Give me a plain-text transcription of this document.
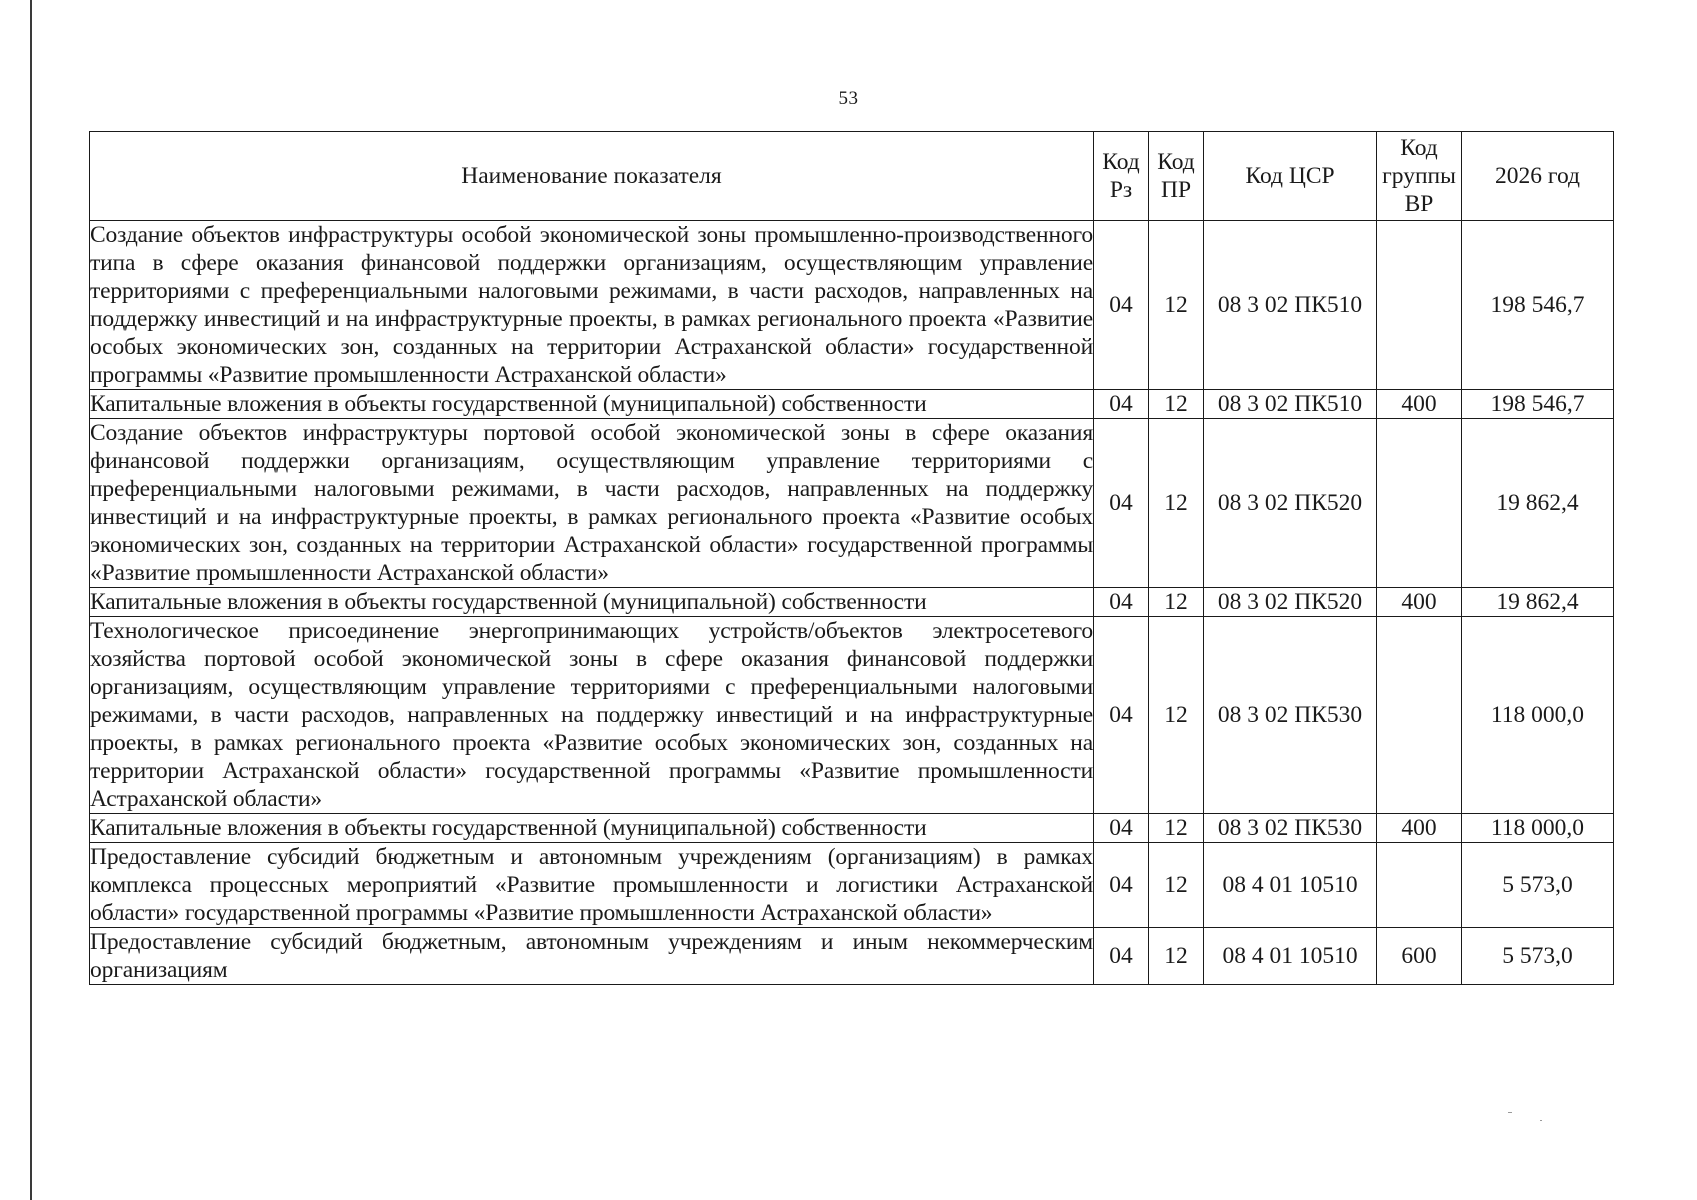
53
Наименование показателя	Код Рз	Код ПР	Код ЦСР	Код группы ВР	2026 год
Создание объектов инфраструктуры особой экономической зоны промышленно-производственного типа в сфере оказания финансовой поддержки организациям, осуществляющим управление территориями с преференциальными налоговыми режимами, в части расходов, направленных на поддержку инвестиций и на инфраструктурные проекты, в рамках регионального проекта «Развитие особых экономических зон, созданных на территории Астраханской области» государственной программы «Развитие промышленности Астраханской области»	04	12	08 3 02 ПК510		198 546,7
Капитальные вложения в объекты государственной (муниципальной) собственности	04	12	08 3 02 ПК510	400	198 546,7
Создание объектов инфраструктуры портовой особой экономической зоны в сфере оказания финансовой поддержки организациям, осуществляющим управление территориями с преференциальными налоговыми режимами, в части расходов, направленных на поддержку инвестиций и на инфраструктурные проекты, в рамках регионального проекта «Развитие особых экономических зон, созданных на территории Астраханской области» государственной программы «Развитие промышленности Астраханской области»	04	12	08 3 02 ПК520		19 862,4
Капитальные вложения в объекты государственной (муниципальной) собственности	04	12	08 3 02 ПК520	400	19 862,4
Технологическое присоединение энергопринимающих устройств/объектов электросетевого хозяйства портовой особой экономической зоны в сфере оказания финансовой поддержки организациям, осуществляющим управление территориями с преференциальными налоговыми режимами, в части расходов, направленных на поддержку инвестиций и на инфраструктурные проекты, в рамках регионального проекта «Развитие особых экономических зон, созданных на территории Астраханской области» государственной программы «Развитие промышленности Астраханской области»	04	12	08 3 02 ПК530		118 000,0
Капитальные вложения в объекты государственной (муниципальной) собственности	04	12	08 3 02 ПК530	400	118 000,0
Предоставление субсидий бюджетным и автономным учреждениям (организациям) в рамках комплекса процессных мероприятий «Развитие промышленности и логистики Астраханской области» государственной программы «Развитие промышленности Астраханской области»	04	12	08 4 01 10510		5 573,0
Предоставление субсидий бюджетным, автономным учреждениям и иным некоммерческим организациям	04	12	08 4 01 10510	600	5 573,0
